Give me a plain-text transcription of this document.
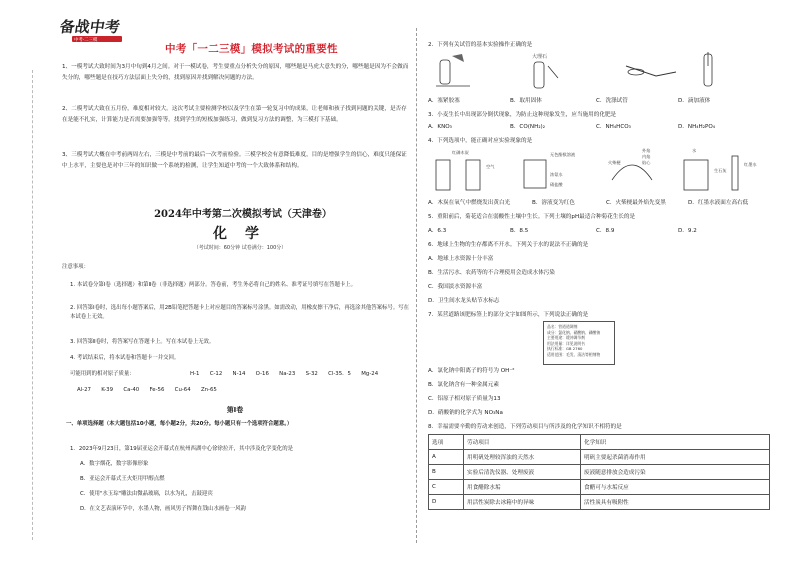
备战中考
中考·二三模
中考「一二三模」模拟考试的重要性
1、一模考试大致时间为3月中旬到4月之间。对于一模试卷，考生要重点分析失分的原因，哪些题是马虎大意失的分，哪些题是因为不会做而失分的，哪些题是在技巧方法层面上失分的，找到原因并找到解决问题的方法。
2、二模考试大致在五月份，难度相对较大。这次考试主要检测学校以及学生在第一轮复习中的成果，让老师和孩子找到问题的关键，是否存在是能不扎实，计算能力是否需要加强等等。找到学生的短板加强练习，做到复习方法的调整，为三模打下基础。
3、三模考试大概在中考前两周左右，三模是中考前的最后一次考前检验。三模学校会有意降低难度，目的是增强学生的信心，难度只能保证中上水平，主要也是对中三年的知识做一个系统的检测，让学生知道中考的一个大致体系和结构。
2024年中考第二次模拟考试（天津卷）
化学
（考试时间：60分钟 试卷满分：100分）
注意事项：
1. 本试卷分第Ⅰ卷（选择题）和第Ⅱ卷（非选择题）两部分。答卷前，考生务必将自己的姓名、准考证号填写在答题卡上。
2. 回答第Ⅰ卷时，选出每小题答案后，用2B铅笔把答题卡上对应题目的答案标号涂黑。如需改动，用橡皮擦干净后，再选涂其他答案标号。写在本试卷上无效。
3. 回答第Ⅱ卷时，将答案写在答题卡上。写在本试卷上无效。
4. 考试结束后，将本试卷和答题卡一并交回。
可能用到的相对原子质量：	H-1      C-12      N-14      O-16      Na-23      S-32      Cl-35．5      Mg-24
Al-27      K-39      Ca-40      Fe-56      Cu-64      Zn-65
第Ⅰ卷
一、单项选择题（本大题包括10小题，每小题2分，共20分。每小题只有一个选项符合题意。）
1．2023年9月23日，第19届亚运会开幕式在杭州西湖中心徐徐拉开，其中涉及化学变化的是
A．数字烟花，数字影像形象
B．亚运会开幕式王火炬用甲醇点燃
C．使用"水玉琮"雕法由微晶玻璃，以水为礼，击鼓迎宾
D．在文艺表演环节中，水墨人物，画风男子挥舞在钱山水画卷一风韵
2．下列有关试管的基本实验操作正确的是
大理石
A．塞紧胶塞	B．取用固体	C．洗涤试管	D．滴加液体
3．小麦生长中出现部分倒伏现象，为防止这种现象发生，应当施用的化肥是
A．KNO₃	B．CO(NH₂)₂	C．NH₄HCO₃	D．NH₄H₂PO₄
4．下列选项中，能正确对应实验现象的是
红磷木炭
空气
无色酚酞溶液
浓氨水
硝盐酸
火柴梗
外焰
内焰
焰心
水
生石灰
红墨水
A．木炭在氧气中燃烧发出黄白光	B．溶液变为红色	C．火柴梗最外焰先变黑	D．红墨水液面左高右低
5．重阳前后，菊花适合在弱酸性土壤中生长。下列土壤的pH最适合种菊花生长的是
A．6.3	B．8.5	C．8.9	D．9.2
6．地球上生物的生存都离不开水。下列关于水的说法不正确的是
A．地球上水资源十分丰富
B．生活污水、农药等的不合理使用会造成水体污染
C．我国淡水资源丰富
D．卫生间水龙头贴节水标志
7．某营道路该肥标签上的部分文字如图所示，下列说法正确的是
品名：营道道调剂
成分：氯化钠、硝酸钠、磷酸钠
主要用途：缓冲调节剂
用法用量：详见说明书
执行标准：GB 2760
适用范围：毛发、清洁等相剂物
A．氯化钠中阳离子的符号为 OH⁻²
B．氯化钠含有一种金属元素
C．铝原子相对原子质量为13
D．硝酸钠的化学式为 NO₃Na
8．幸福需要辛勤的劳动来创造，下列劳动项目与所涉及的化学知识不相符的是
选项	劳动项目	化学知识
A	用明矾处理较浑浊的天然水	明矾主要起杀菌消毒作用
B	实验后清洗仪器、处理废液	废液随意排放会造成污染
C	用食醋除水垢	食醋可与水垢反应
D	用活性炭除去冰箱中的异味	活性炭具有吸附性
